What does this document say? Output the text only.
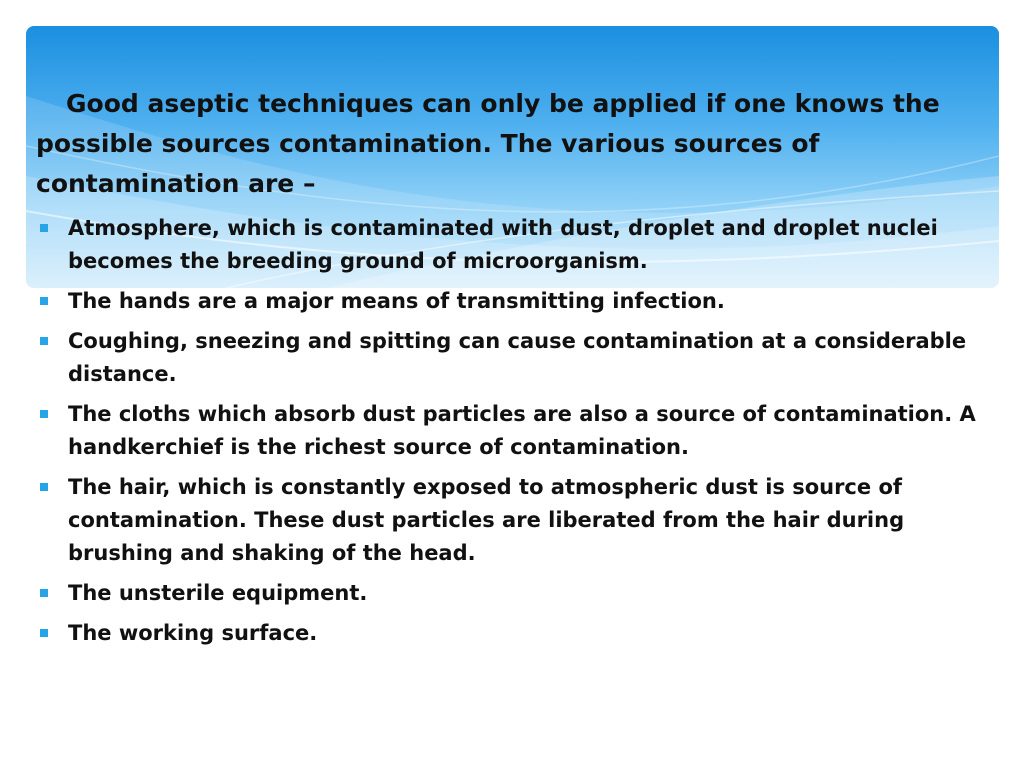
Good aseptic techniques can only be applied if one knows the possible sources contamination. The various sources of contamination are –

Atmosphere, which is contaminated with dust, droplet and droplet nuclei becomes the breeding ground of microorganism.
The hands are a major means of transmitting infection.
Coughing, sneezing and spitting can cause contamination at a considerable distance.
The cloths which absorb dust particles are also a source of contamination. A handkerchief is the richest source of contamination.
The hair, which is constantly exposed to atmospheric dust is source of contamination. These dust particles are liberated from the hair during brushing and shaking of the head.
The unsterile equipment.
The working surface.
